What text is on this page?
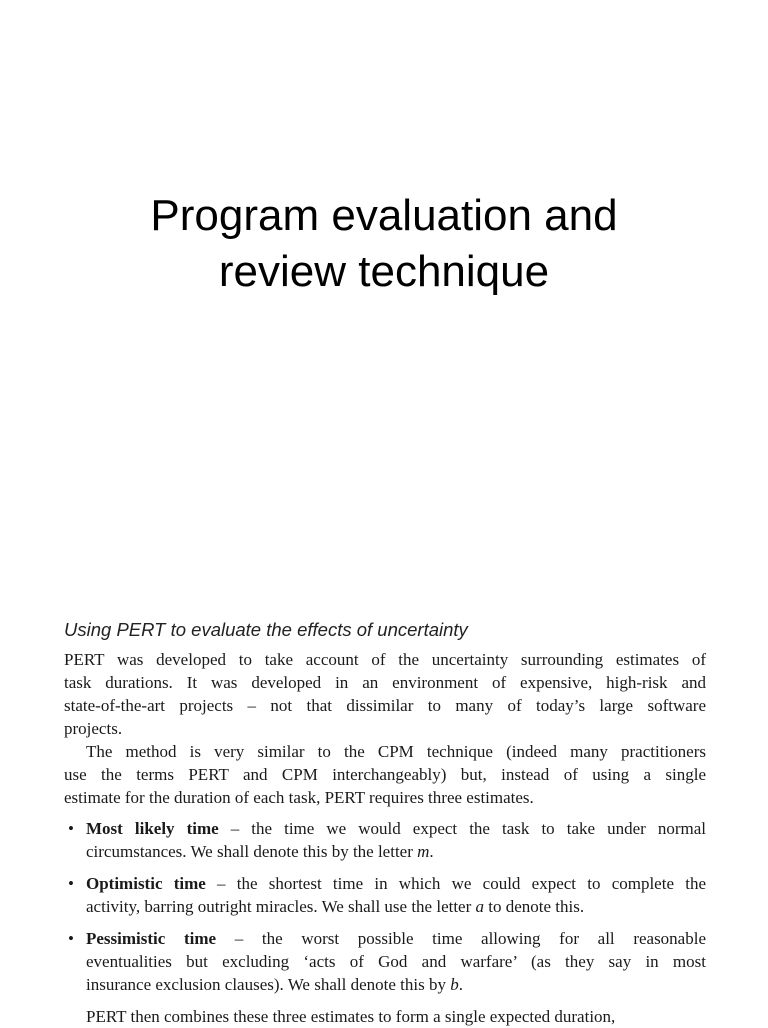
Program evaluation and
review technique
Using PERT to evaluate the effects of uncertainty

PERT was developed to take account of the uncertainty surrounding estimates of
task durations. It was developed in an environment of expensive, high-risk and
state-of-the-art projects – not that dissimilar to many of today’s large software
projects.

The method is very similar to the CPM technique (indeed many practitioners
use the terms PERT and CPM interchangeably) but, instead of using a single
estimate for the duration of each task, PERT requires three estimates.

• Most likely time – the time we would expect the task to take under normal
circumstances. We shall denote this by the letter m.
• Optimistic time – the shortest time in which we could expect to complete the
activity, barring outright miracles. We shall use the letter a to denote this.
• Pessimistic time – the worst possible time allowing for all reasonable
eventualities but excluding ‘acts of God and warfare’ (as they say in most
insurance exclusion clauses). We shall denote this by b.

PERT then combines these three estimates to form a single expected duration,
